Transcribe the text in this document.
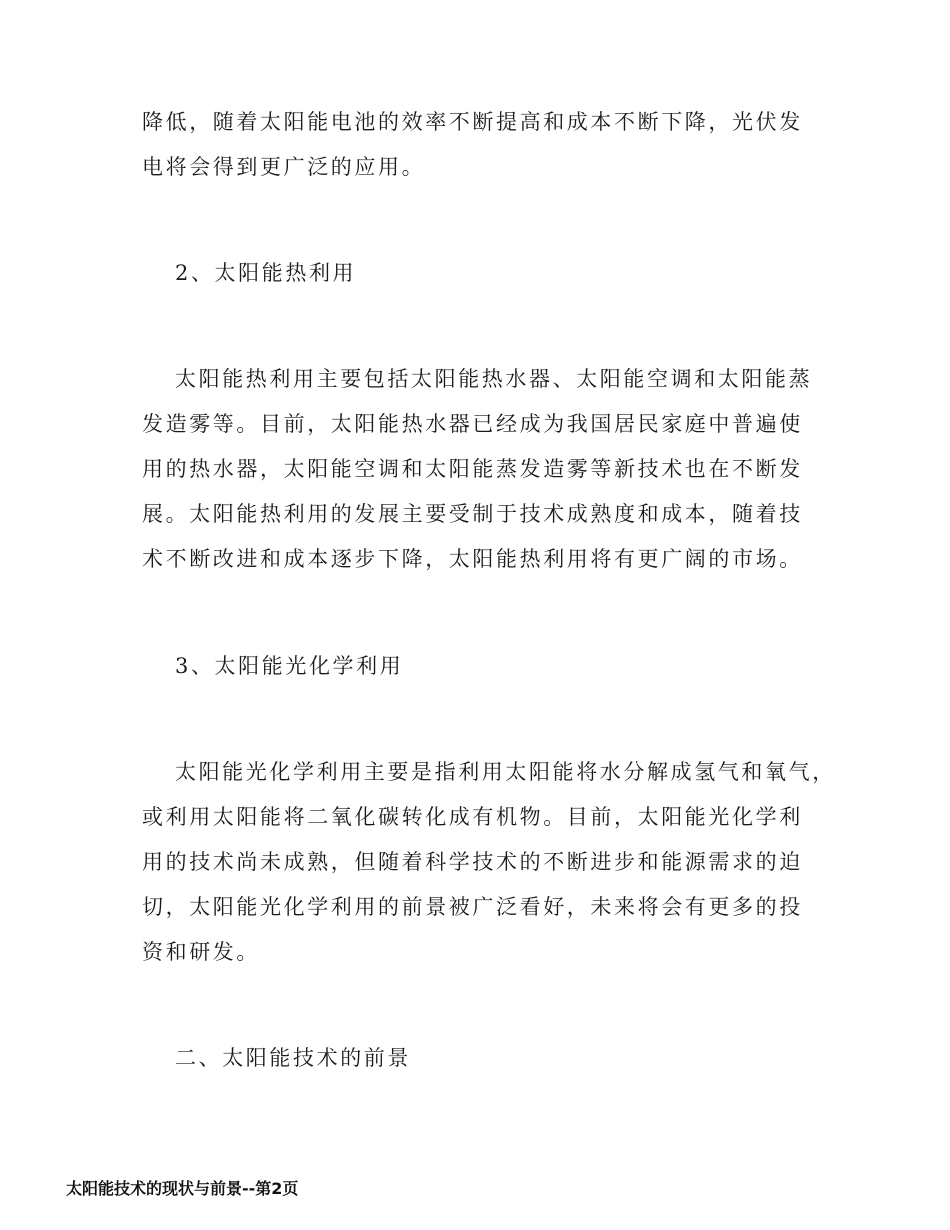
降低，随着太阳能电池的效率不断提高和成本不断下降，光伏发
电将会得到更广泛的应用。
2、太阳能热利用
太阳能热利用主要包括太阳能热水器、太阳能空调和太阳能蒸
发造雾等。目前，太阳能热水器已经成为我国居民家庭中普遍使
用的热水器，太阳能空调和太阳能蒸发造雾等新技术也在不断发
展。太阳能热利用的发展主要受制于技术成熟度和成本，随着技
术不断改进和成本逐步下降，太阳能热利用将有更广阔的市场。
3、太阳能光化学利用
太阳能光化学利用主要是指利用太阳能将水分解成氢气和氧气，
或利用太阳能将二氧化碳转化成有机物。目前，太阳能光化学利
用的技术尚未成熟，但随着科学技术的不断进步和能源需求的迫
切，太阳能光化学利用的前景被广泛看好，未来将会有更多的投
资和研发。
二、太阳能技术的前景
太阳能技术的现状与前景--第2页
